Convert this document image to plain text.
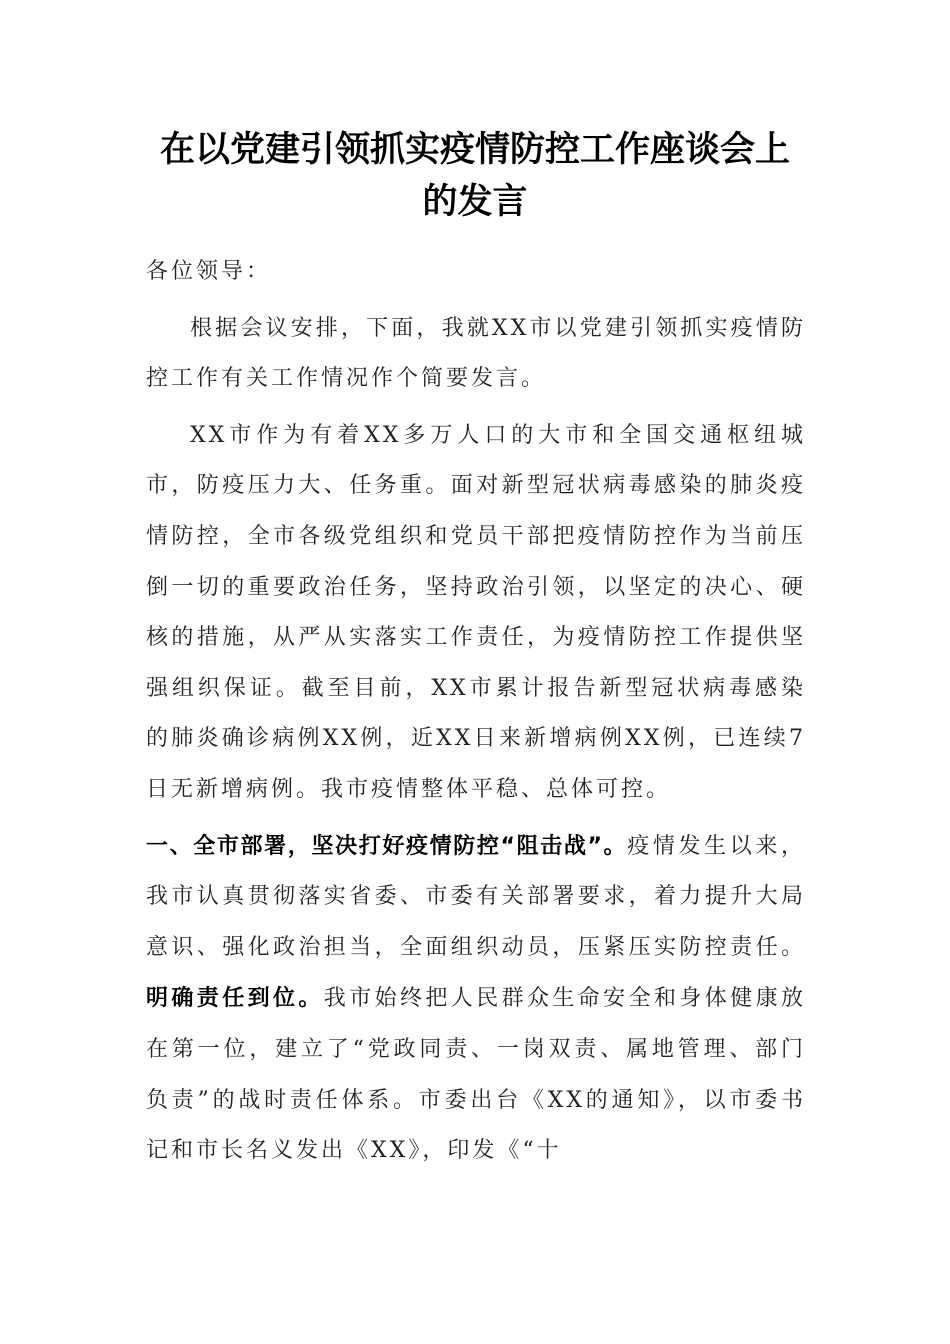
在以党建引领抓实疫情防控工作座谈会上
的发言

各位领导：

根据会议安排，下面，我就XX市以党建引领抓实疫情防控工作有关工作情况作个简要发言。

XX市作为有着XX多万人口的大市和全国交通枢纽城市，防疫压力大、任务重。面对新型冠状病毒感染的肺炎疫情防控，全市各级党组织和党员干部把疫情防控作为当前压倒一切的重要政治任务，坚持政治引领，以坚定的决心、硬核的措施，从严从实落实工作责任，为疫情防控工作提供坚强组织保证。截至目前，XX市累计报告新型冠状病毒感染的肺炎确诊病例XX例，近XX日来新增病例XX例，已连续7日无新增病例。我市疫情整体平稳、总体可控。

一、全市部署，坚决打好疫情防控“阻击战”。疫情发生以来，我市认真贯彻落实省委、市委有关部署要求，着力提升大局意识、强化政治担当，全面组织动员，压紧压实防控责任。明确责任到位。我市始终把人民群众生命安全和身体健康放在第一位，建立了“党政同责、一岗双责、属地管理、部门负责”的战时责任体系。市委出台《XX的通知》，以市委书记和市长名义发出《XX》，印发《“十
